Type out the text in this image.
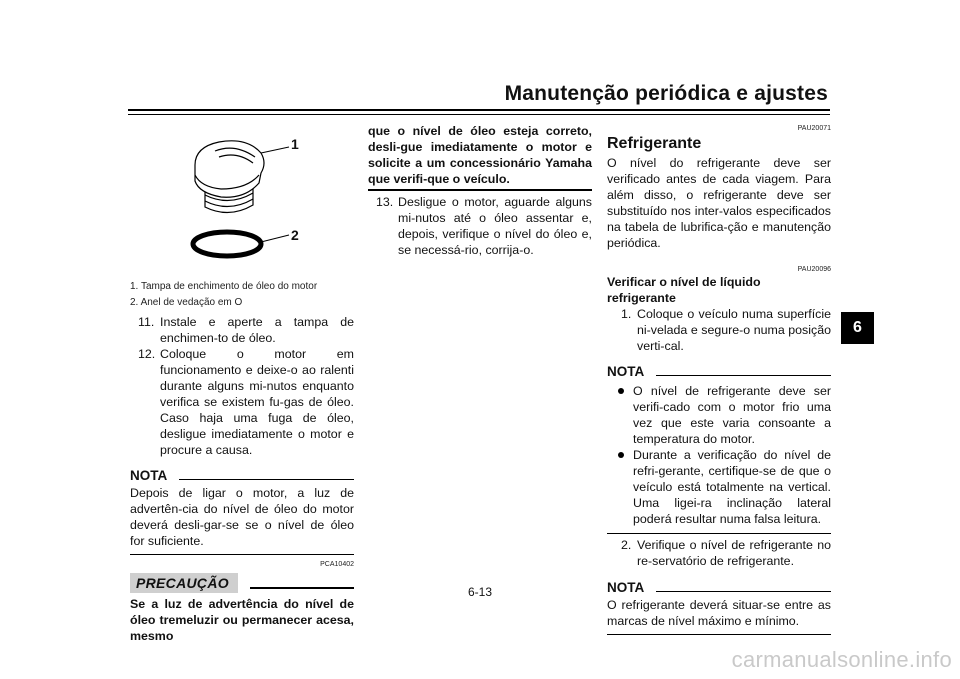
Manutenção periódica e ajustes
6
1
2
1. Tampa de enchimento de óleo do motor
2. Anel de vedação em O
11. Instale e aperte a tampa de enchimen-to de óleo.
12. Coloque o motor em funcionamento e deixe-o ao ralenti durante alguns mi-nutos enquanto verifica se existem fu-gas de óleo. Caso haja uma fuga de óleo, desligue imediatamente o motor e procure a causa.
NOTA

Depois de ligar o motor, a luz de advertên-cia do nível de óleo do motor deverá desli-gar-se se o nível de óleo for suficiente.

PCA10402
PRECAUÇÃO

Se a luz de advertência do nível de óleo tremeluzir ou permanecer acesa, mesmo

que o nível de óleo esteja correto, desli-gue imediatamente o motor e solicite a um concessionário Yamaha que verifi-que o veículo.

13. Desligue o motor, aguarde alguns mi-nutos até o óleo assentar e, depois, verifique o nível do óleo e, se necessá-rio, corrija-o.
PAU20071
Refrigerante

O nível do refrigerante deve ser verificado antes de cada viagem. Para além disso, o refrigerante deve ser substituído nos inter-valos especificados na tabela de lubrifica-ção e manutenção periódica.

PAU20096
Verificar o nível de líquido refrigerante
1. Coloque o veículo numa superfície ni-velada e segure-o numa posição verti-cal.
NOTA
O nível de refrigerante deve ser verifi-cado com o motor frio uma vez que este varia consoante a temperatura do motor.
Durante a verificação do nível de refri-gerante, certifique-se de que o veículo está totalmente na vertical. Uma ligei-ra inclinação lateral poderá resultar numa falsa leitura.
2. Verifique o nível de refrigerante no re-servatório de refrigerante.
NOTA

O refrigerante deverá situar-se entre as marcas de nível máximo e mínimo.

6-13
carmanualsonline.info
